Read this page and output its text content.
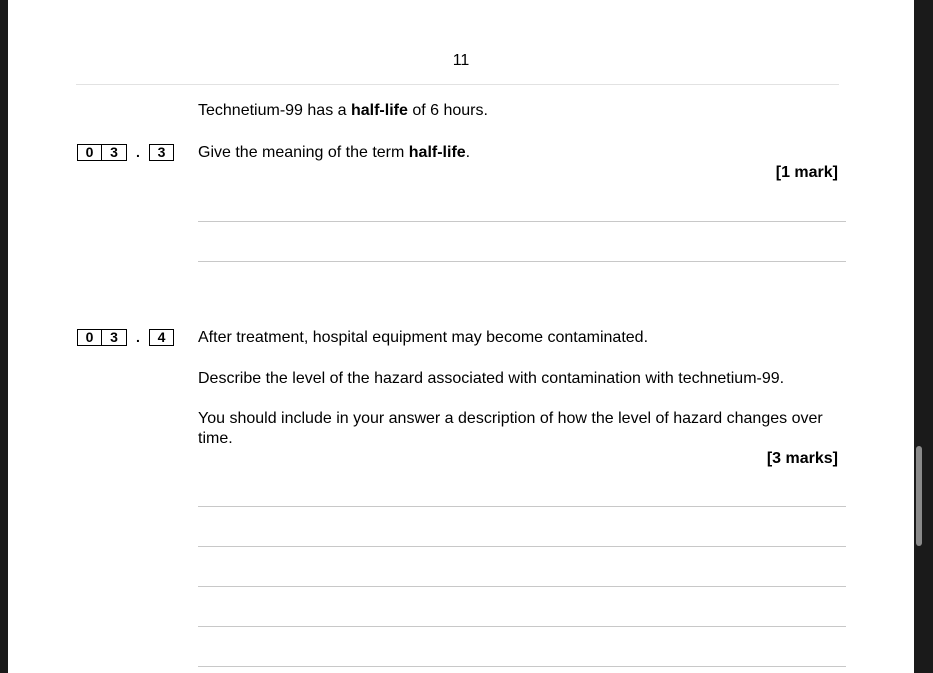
11
Technetium-99 has a half-life of 6 hours.
0	3	.	3	Give the meaning of the term half-life.
[1 mark]
0	3	.	4	After treatment, hospital equipment may become contaminated.
Describe the level of the hazard associated with contamination with technetium-99.
You should include in your answer a description of how the level of hazard changes over time.
[3 marks]
